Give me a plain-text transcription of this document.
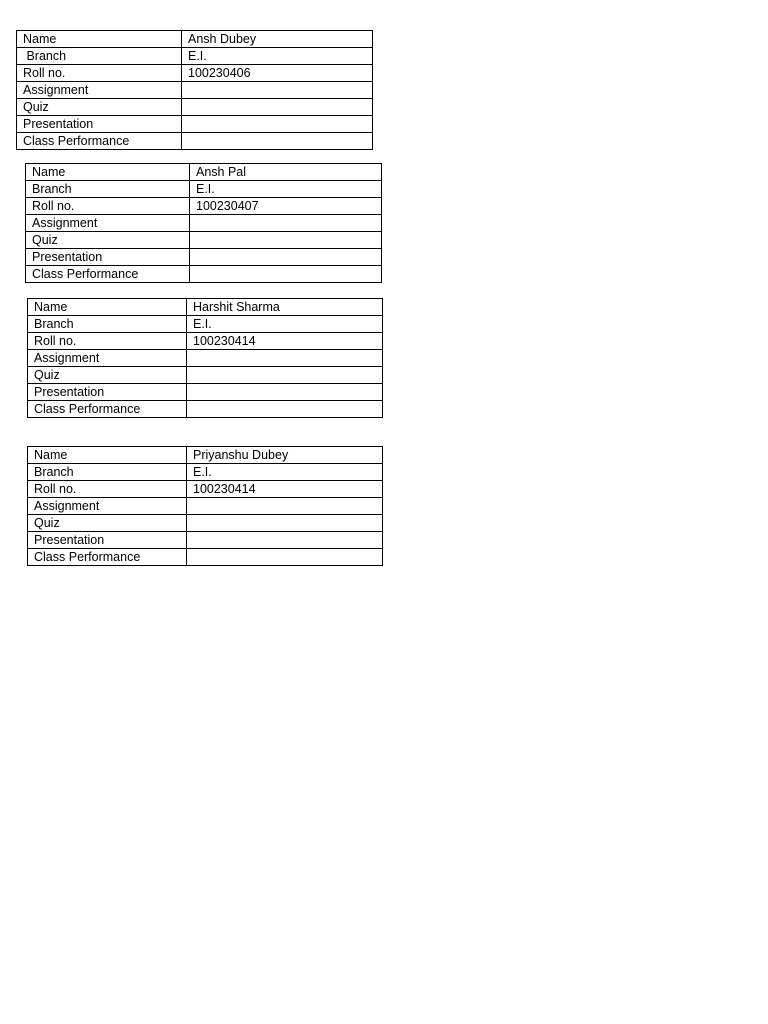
Name	Ansh Dubey
Branch	E.I.
Roll no.	100230406
Assignment	
Quiz	
Presentation	
Class Performance	
Name	Ansh Pal
Branch	E.I.
Roll no.	100230407
Assignment	
Quiz	
Presentation	
Class Performance	
Name	Harshit Sharma
Branch	E.I.
Roll no.	100230414
Assignment	
Quiz	
Presentation	
Class Performance	
Name	Priyanshu Dubey
Branch	E.I.
Roll no.	100230414
Assignment	
Quiz	
Presentation	
Class Performance	
